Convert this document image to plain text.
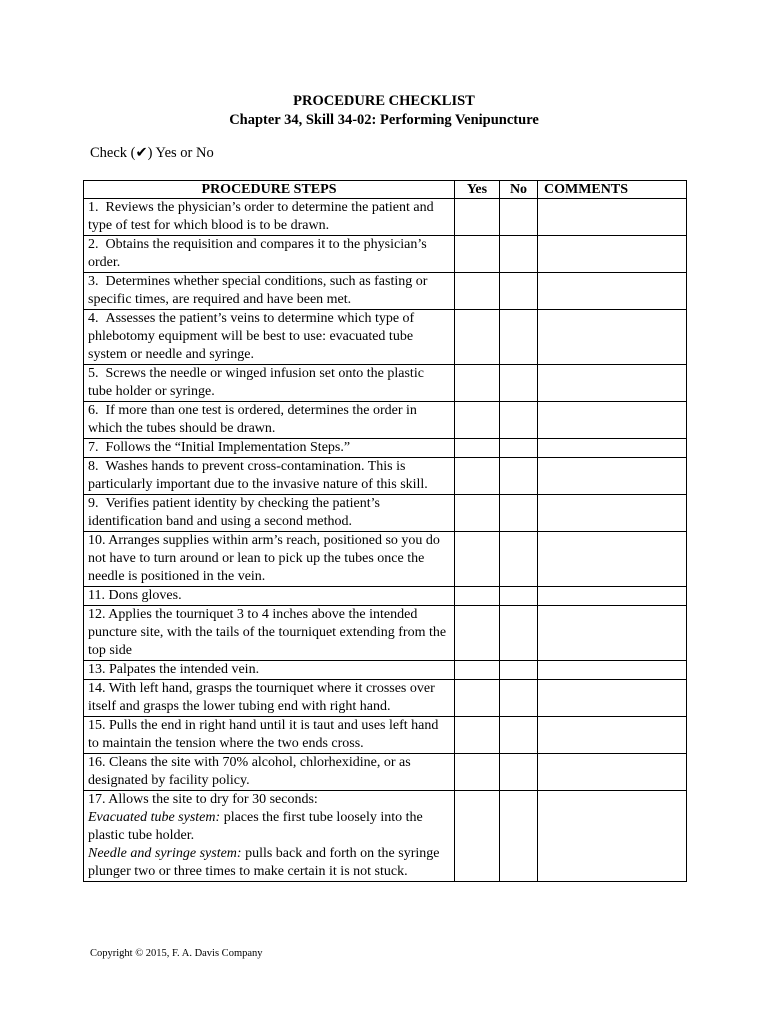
PROCEDURE CHECKLIST
Chapter 34, Skill 34-02: Performing Venipuncture
Check (✔) Yes or No
PROCEDURE STEPS	Yes	No	COMMENTS
1.  Reviews the physician’s order to determine the patient and type of test for which blood is to be drawn.			
2.  Obtains the requisition and compares it to the physician’s order.			
3.  Determines whether special conditions, such as fasting or specific times, are required and have been met.			
4.  Assesses the patient’s veins to determine which type of phlebotomy equipment will be best to use: evacuated tube system or needle and syringe.			
5.  Screws the needle or winged infusion set onto the plastic tube holder or syringe.			
6.  If more than one test is ordered, determines the order in which the tubes should be drawn.			
7.  Follows the “Initial Implementation Steps.”			
8.  Washes hands to prevent cross-contamination. This is particularly important due to the invasive nature of this skill.			
9.  Verifies patient identity by checking the patient’s identification band and using a second method.			
10. Arranges supplies within arm’s reach, positioned so you do not have to turn around or lean to pick up the tubes once the needle is positioned in the vein.			
11. Dons gloves.			
12. Applies the tourniquet 3 to 4 inches above the intended puncture site, with the tails of the tourniquet extending from the top side			
13. Palpates the intended vein.			
14. With left hand, grasps the tourniquet where it crosses over itself and grasps the lower tubing end with right hand.			
15. Pulls the end in right hand until it is taut and uses left hand to maintain the tension where the two ends cross.			
16. Cleans the site with 70% alcohol, chlorhexidine, or as designated by facility policy.			
17. Allows the site to dry for 30 seconds:
Evacuated tube system: places the first tube loosely into the plastic tube holder.
Needle and syringe system: pulls back and forth on the syringe plunger two or three times to make certain it is not stuck.			
Copyright © 2015, F. A. Davis Company
